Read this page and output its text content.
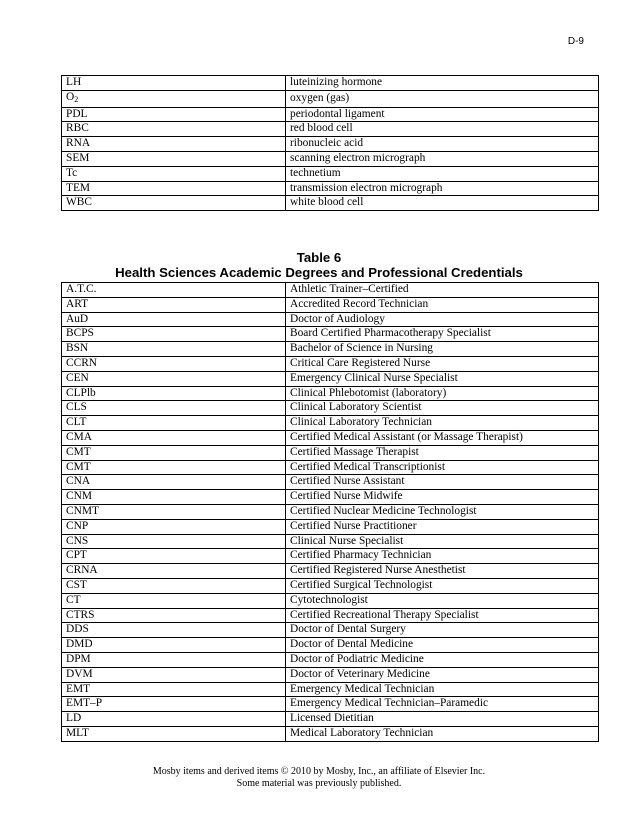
D-9
LH	luteinizing hormone
$O_2$	oxygen (gas)
PDL	periodontal ligament
RBC	red blood cell
RNA	ribonucleic acid
SEM	scanning electron micrograph
Tc	technetium
TEM	transmission electron micrograph
WBC	white blood cell
Table 6
Health Sciences Academic Degrees and Professional Credentials
A.T.C.	Athletic Trainer–Certified
ART	Accredited Record Technician
AuD	Doctor of Audiology
BCPS	Board Certified Pharmacotherapy Specialist
BSN	Bachelor of Science in Nursing
CCRN	Critical Care Registered Nurse
CEN	Emergency Clinical Nurse Specialist
CLPlb	Clinical Phlebotomist (laboratory)
CLS	Clinical Laboratory Scientist
CLT	Clinical Laboratory Technician
CMA	Certified Medical Assistant (or Massage Therapist)
CMT	Certified Massage Therapist
CMT	Certified Medical Transcriptionist
CNA	Certified Nurse Assistant
CNM	Certified Nurse Midwife
CNMT	Certified Nuclear Medicine Technologist
CNP	Certified Nurse Practitioner
CNS	Clinical Nurse Specialist
CPT	Certified Pharmacy Technician
CRNA	Certified Registered Nurse Anesthetist
CST	Certified Surgical Technologist
CT	Cytotechnologist
CTRS	Certified Recreational Therapy Specialist
DDS	Doctor of Dental Surgery
DMD	Doctor of Dental Medicine
DPM	Doctor of Podiatric Medicine
DVM	Doctor of Veterinary Medicine
EMT	Emergency Medical Technician
EMT–P	Emergency Medical Technician–Paramedic
LD	Licensed Dietitian
MLT	Medical Laboratory Technician
Mosby items and derived items © 2010 by Mosby, Inc., an affiliate of Elsevier Inc.
Some material was previously published.
